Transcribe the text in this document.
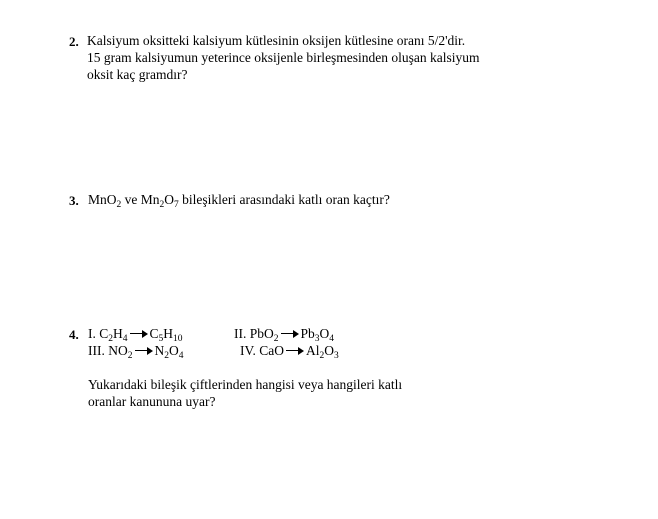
2. Kalsiyum oksitteki kalsiyum kütlesinin oksijen kütlesine oranı 5/2'dir.
15 gram kalsiyumun yeterince oksijenle birleşmesinden oluşan kalsiyum
oksit kaç gramdır?
3. MnO$_2$ ve $Mn_2O_7$ bileşikleri arasındaki katlı oran kaçtır?
4. I. $C_2H_4$ $C_5H_{10}$	II. PbO$_2$ $Pb_3O_4$
III. $NO_2$ $N_2O_4$	IV. CaO $Al_2O_3$
Yukarıdaki bileşik çiftlerinden hangisi veya hangileri katlı
oranlar kanununa uyar?
